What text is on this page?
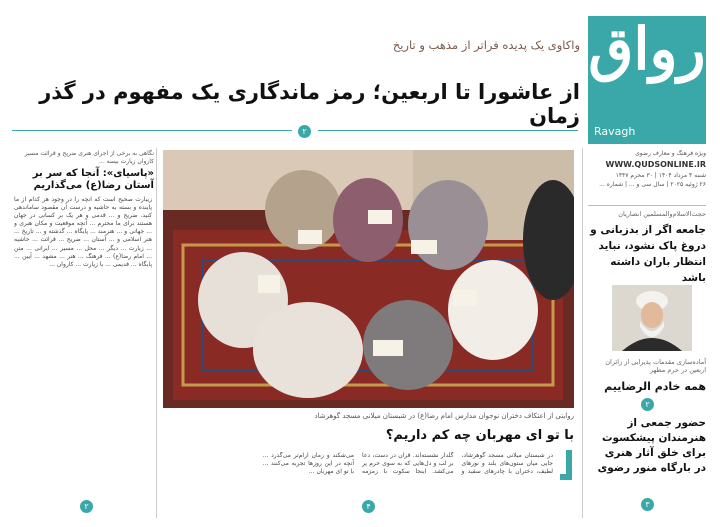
رواق
Ravagh
ویژه فرهنگ و معارف رضوی
WWW.QUDSONLINE.IR
شنبه ۴ مرداد ۱۴۰۴ | ۳۰ محرم ۱۴۴۷
۲۶ ژوئیه ۲۰۲۵ | سال سی و ... | شماره ...
واکاوی یک پدیده فراتر از مذهب و تاریخ
از عاشورا تا اربعین؛ رمز ماندگاری یک مفهوم در گذر زمان
۲
نگاهی به برخی از اجرای هنری ضریح و قرائت مسیر کاروان زیارت بیسه ...
«پاسیای»: آنجا که سر بر
آستان رضا(ع) می‌گذاریم
زیبارت صحیح است که آنچه را در وجود هر کدام از ما پاینده و بسته به حاشیه و درست آن مقصود ساماندهی کنید. ضریح و ... قدمی و هر یک بر کسانی در جهان هستند برای ما محترم ... آنچه موقعیت و مکان هنری و ... جهانی و ... هنرمند ... پایگاه ... گذشته و ... تاریخ ... هنر اسلامی و ... آستان ... ضریح ... قرائت ... حاشیه ... زیارت ... دیگر ... محل ... مسیر ... ایرانی ... متن ... امام رضا(ع) ... فرهنگ ... هنر ... مشهد ... آیین ... پایگاه ... قدیمی ... با زیارت ... کاروان ...
۲
روایتی از اعتکاف دختران نوجوان مدارس امام رضا(ع) در شبستان میلانی مسجد گوهرشاد
با تو ای مهربان چه کم داریم؟
در شبستان میلانی مسجد گوهرشاد، جایی میان ستون‌های بلند و نورهای لطیف، دختران با چادرهای سفید و گلدار نشسته‌اند. قرآن در دست، دعا بر لب و دل‌هایی که به سوی حرم پر می‌کشد. اینجا سکوت با زمزمه می‌شکند و زمان آرام‌تر می‌گذرد ... آنچه در این روزها تجربه می‌کنند ... با تو ای مهربان ...
۴
حجت‌الاسلام‌والمسلمین انصاریان
جامعه اگر از بدزبانی و دروغ پاک نشود، نباید انتظار باران داشته باشد
آماده‌سازی مقدمات پذیرایی از زائران اربعین در حرم مطهر
همه خادم الرضاییم
۲
حضور جمعی از هنرمندان پیشکسوت برای خلق آثار هنری در بارگاه منور رضوی
۳
